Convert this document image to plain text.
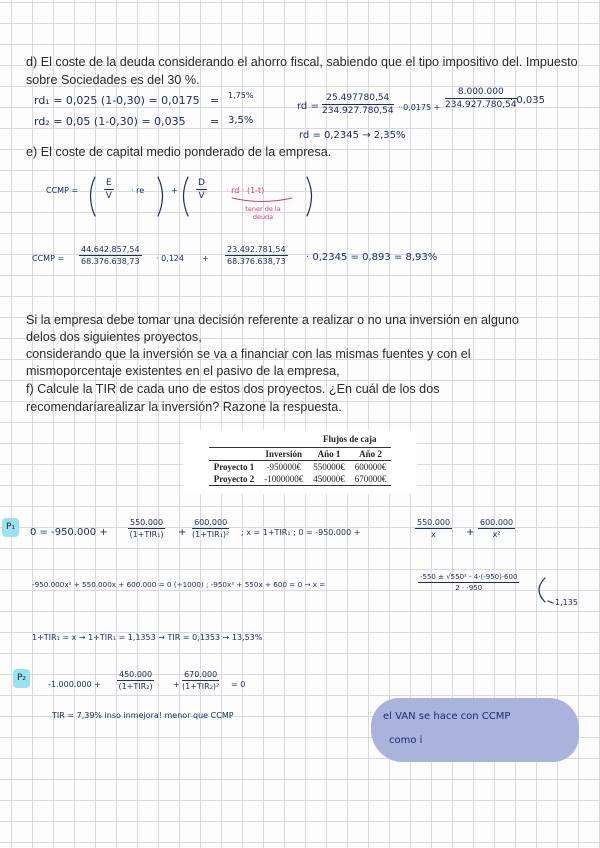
d) El coste de la deuda considerando el ahorro fiscal, sabiendo que el tipo impositivo del. Impuesto sobre Sociedades es del 30 %.
e) El coste de capital medio ponderado de la empresa.
Si la empresa debe tomar una decisión referente a realizar o no una inversión en alguno
delos dos siguientes proyectos,
considerando que la inversión se va a financiar con las mismas fuentes y con el
mismoporcentaje existentes en el pasivo de la empresa,
f) Calcule la TIR de cada uno de estos dos proyectos. ¿En cuál de los dos
recomendaríarealizar la inversión? Razone la respuesta.
		Flujos de caja	
	Inversión	Año 1	Año 2
Proyecto 1	-950000€	550000€	600000€
Proyecto 2	-1000000€	450000€	670000€
rd₁ = 0,025 (1-0,30) = 0,0175 = 1,75%
rd₂ = 0,05 (1-0,30) = 0,035 = 3,5%
rd = $\frac{25.497780,54}{234.927.780,54} \cdot 0,0175 + \frac{8.000.000}{234.927.780,54}$
· 0,035
rd = 0,2345 → 2,35%
CCMP =	$\frac{E}{V}$ · re	+ $\frac{D}{V}$ · rd · (1-t)
tener de la deuda
CCMP = $\frac{44.642.857,54}{68.376.638,73} \cdot 0,124 + \frac{23.492.781,54}{68.376.638,73} \cdot 0,2345 = 0,893 = 8,93\%$
P₁	0 = -950.000 +
550.000
(1+TIR₁) +
600.000
(1+TIR₁)² ; x = 1+TIR₁ ; 0 = -950.000 +	$\frac{550.000}{x} + \frac{600.000}{\text{x²}}$
-950.000x² + 550.000x + 600.000 = 0 (÷1000) ; -950x² + 550x + 600 = 0 → x =	$\frac{\text{-550 ± √550² - 4·(-950)·600}}{2 \cdot -950}$
1,135
1+TIR₁ = x → 1+TIR₁ = 1,1353 → TIR = 0,1353 → 13,53%
P₂
-1.000.000 +
450.000
(1+TIR₂)	+
670.000
(1+TIR₂)² = 0
TIR = 7,39% inso inmejora! menor que CCMP	el VAN se hace con CCMP
como i
